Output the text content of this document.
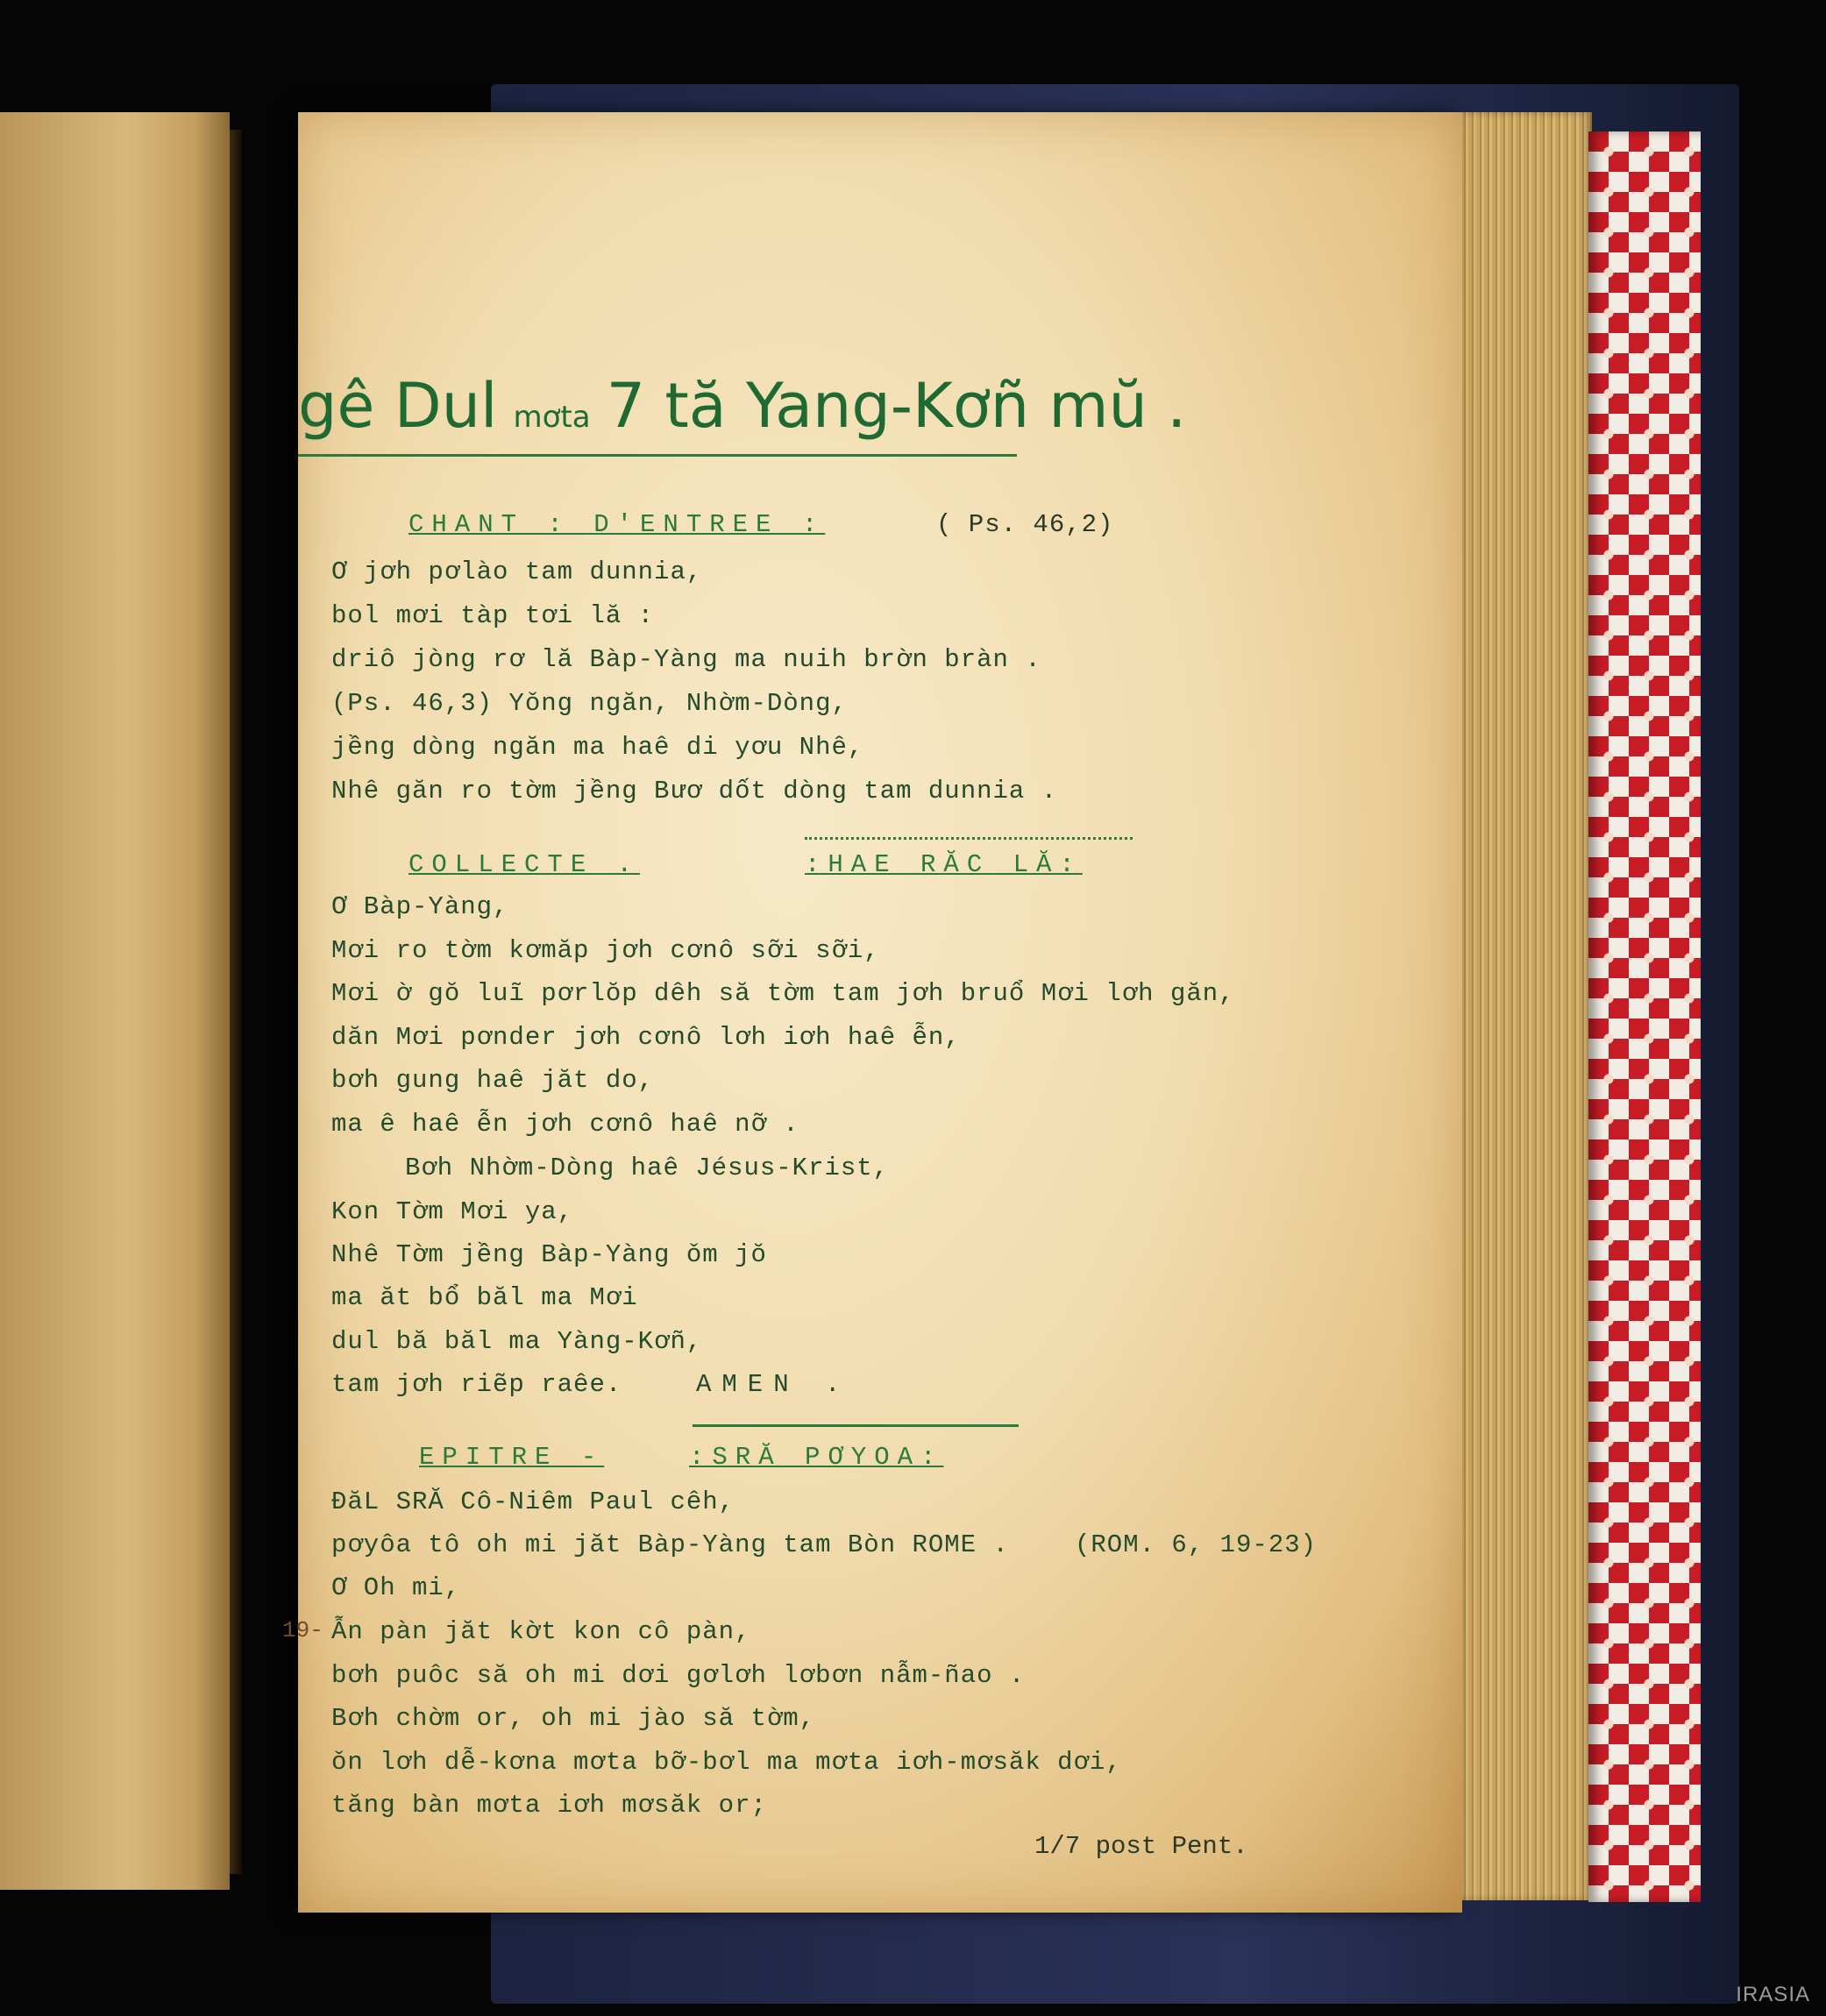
gê Dul mơta 7 tă Yang-Kơñ mŭ .
CHANT : D'ENTREE :	( Ps. 46,2)
Ơ jơh pơlào tam dunnia,
bol mơi tàp tơi lă :
driô jòng rơ lă Bàp-Yàng ma nuih brờn bràn .
(Ps. 46,3) Yǒng ngăn, Nhờm-Dòng,
jềng dòng ngăn ma haê di yơu Nhê,
Nhê găn ro tờm jềng Bươ dốt dòng tam dunnia .
COLLECTE .	:HAE RĂC LĂ:
Ơ Bàp-Yàng,
Mơi ro tờm kơmăp jơh cơnô sỡi sỡi,
Mơi ờ gŏ luĩ pơrlŏp dêh să tờm tam jơh bruổ Mơi lơh găn,
dăn Mơi pơnder jơh cơnô lơh iơh haê ễn,
bơh gung haê jăt do,
ma ê haê ễn jơh cơnô haê nỡ .
Bơh Nhờm-Dòng haê Jésus-Krist,
Kon Tờm Mơi ya,
Nhê Tờm jềng Bàp-Yàng ǒm jŏ
ma ăt bổ băl ma Mơi
dul bă băl ma Yàng-Kơñ,
tam jơh riẽp raêe.	AMEN .
EPITRE -	:SRĂ PƠYOA:
ĐăL SRĂ Cô-Niêm Paul cêh,
pơyôa tô oh mi jăt Bàp-Yàng tam Bòn ROME .	(ROM. 6, 19-23)
Ơ Oh mi,
19- Ẫn pàn jăt kờt kon cô pàn,
bơh puôc să oh mi dơi gơlơh lơbơn nẫm-ñao .
Bơh chờm or, oh mi jào să tờm,
ǒn lơh dễ-kơna mơta bỡ-bơl ma mơta iơh-mơsăk dơi,
tăng bàn mơta iơh mơsăk or;
1/7 post Pent.
IRASIA
